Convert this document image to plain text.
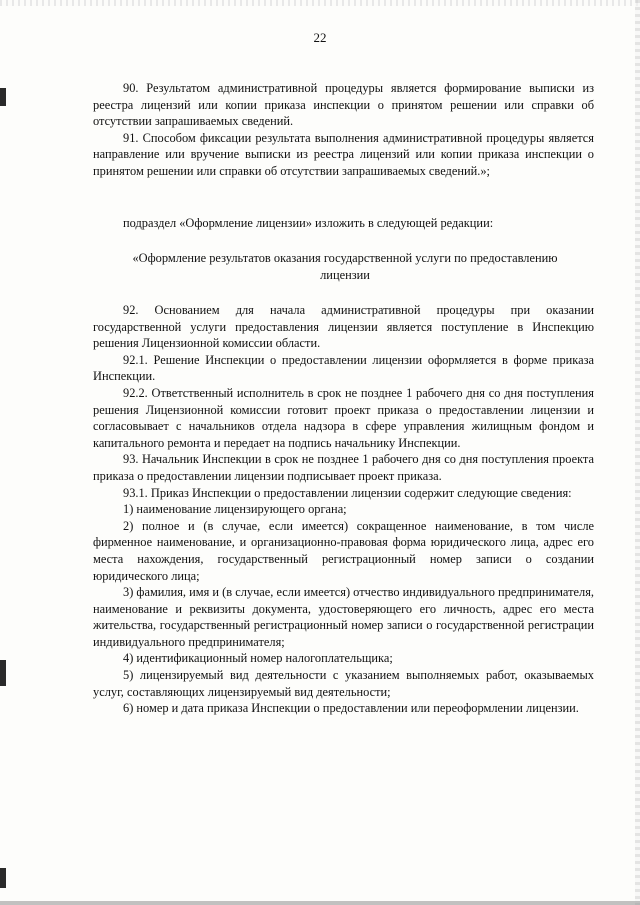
22

90. Результатом административной процедуры является формирование выписки из реестра лицензий или копии приказа инспекции о принятом решении или справки об отсутствии запрашиваемых сведений.

91. Способом фиксации результата выполнения административной процедуры является направление или вручение выписки из реестра лицензий или копии приказа инспекции о принятом решении или справки об отсутствии запрашиваемых сведений.»;

подраздел «Оформление лицензии» изложить в следующей редакции:

«Оформление результатов оказания государственной услуги по предоставлению лицензии

92. Основанием для начала административной процедуры при оказании государственной услуги предоставления лицензии является поступление в Инспекцию решения Лицензионной комиссии области.

92.1. Решение Инспекции о предоставлении лицензии оформляется в форме приказа Инспекции.

92.2. Ответственный исполнитель в срок не позднее 1 рабочего дня со дня поступления решения Лицензионной комиссии готовит проект приказа о предоставлении лицензии и согласовывает с начальников отдела надзора в сфере управления жилищным фондом и капитального ремонта и передает на подпись начальнику Инспекции.

93. Начальник Инспекции в срок не позднее 1 рабочего дня со дня поступления проекта приказа о предоставлении лицензии подписывает проект приказа.

93.1. Приказ Инспекции о предоставлении лицензии содержит следующие сведения:

1) наименование лицензирующего органа;

2) полное и (в случае, если имеется) сокращенное наименование, в том числе фирменное наименование, и организационно-правовая форма юридического лица, адрес его места нахождения, государственный регистрационный номер записи о создании юридического лица;

3) фамилия, имя и (в случае, если имеется) отчество индивидуального предпринимателя, наименование и реквизиты документа, удостоверяющего его личность, адрес его места жительства, государственный регистрационный номер записи о государственной регистрации индивидуального предпринимателя;

4) идентификационный номер налогоплательщика;

5) лицензируемый вид деятельности с указанием выполняемых работ, оказываемых услуг, составляющих лицензируемый вид деятельности;

6) номер и дата приказа Инспекции о предоставлении или переоформлении лицензии.
